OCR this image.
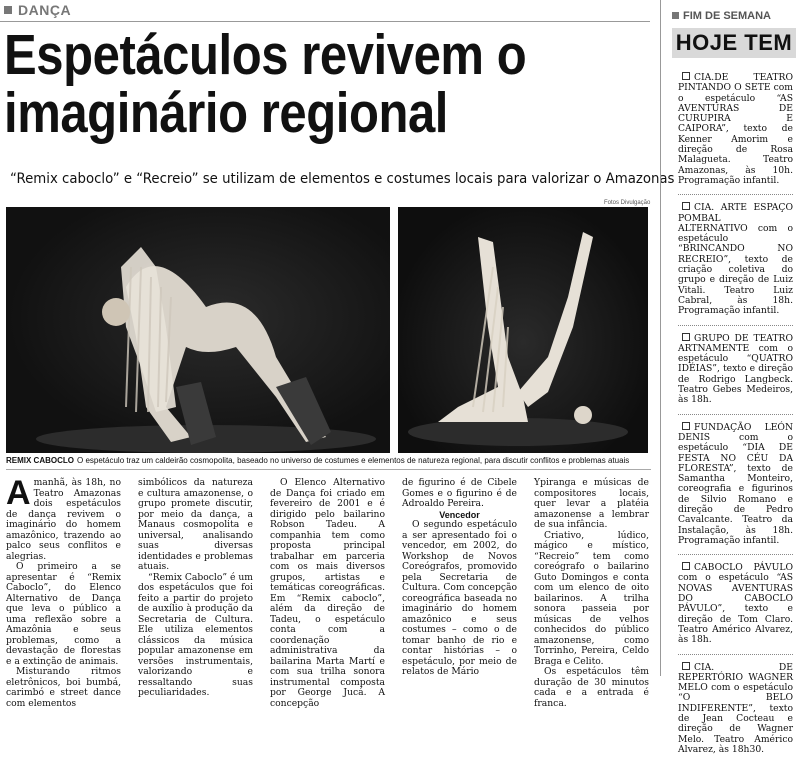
DANÇA
Espetáculos revivem o
imaginário regional
“Remix caboclo” e “Recreio” se utilizam de elementos e costumes locais para valorizar o Amazonas
Fotos Divulgação
REMIX CABOCLO O espetáculo traz um caldeirão cosmopolita, baseado no universo de costumes e elementos de natureza regional, para discutir conflitos e problemas atuais

Amanhã, às 18h, no Teatro Amazonas dois espetáculos de dança revivem o imaginário do homem amazônico, trazendo ao palco seus conflitos e alegrias.

O primeiro a se apresentar é “Remix Caboclo”, do Elenco Alternativo de Dança que leva o público a uma reflexão sobre a Amazônia e seus problemas, como a devastação de florestas e a extinção de animais.

Misturando ritmos eletrônicos, boi bumbá, carimbó e street dance com elementos

simbólicos da natureza e cultura amazonense, o grupo promete discutir, por meio da dança, a Manaus cosmopolita e universal, analisando suas diversas identidades e problemas atuais.

“Remix Caboclo” é um dos espetáculos que foi feito a partir do projeto de auxílio à produção da Secretaria de Cultura. Ele utiliza elementos clássicos da música popular amazonense em versões instrumentais, valorizando e ressaltando suas peculiaridades.

O Elenco Alternativo de Dança foi criado em fevereiro de 2001 e é dirigido pelo bailarino Robson Tadeu. A companhia tem como proposta principal trabalhar em parceria com os mais diversos grupos, artistas e temáticas coreográficas. Em “Remix caboclo”, além da direção de Tadeu, o espetáculo conta com a coordenação administrativa da bailarina Marta Martí e com sua trilha sonora instrumental composta por George Jucá. A concepção

de figurino é de Cibele Gomes e o figurino é de Adroaldo Pereira.

Vencedor

O segundo espetáculo a ser apresentado foi o vencedor, em 2002, do Workshop de Novos Coreógrafos, promovido pela Secretaria de Cultura. Com concepção coreográfica baseada no imaginário do homem amazônico e seus costumes – como o de tomar banho de rio e contar histórias – o espetáculo, por meio de relatos de Mário

Ypiranga e músicas de compositores locais, quer levar a platéia amazonense a lembrar de sua infância.

Criativo, lúdico, mágico e místico, “Recreio” tem como coreógrafo o bailarino Guto Domingos e conta com um elenco de oito bailarinos. A trilha sonora passeia por músicas de velhos conhecidos do público amazonense, como Torrinho, Pereira, Celdo Braga e Celito.

Os espetáculos têm duração de 30 minutos cada e a entrada é franca.

FIM DE SEMANA
HOJE TEM
CIA.DE TEATRO PINTANDO O SETE com o espetáculo “AS AVENTURAS DE CURUPIRA E CAIPORA”, texto de Kenner Amorim e direção de Rosa Malagueta. Teatro Amazonas, às 10h. Programação infantil.
CIA. ARTE ESPAÇO POMBAL ALTERNATIVO com o espetáculo “BRINCANDO NO RECREIO”, texto de criação coletiva do grupo e direção de Luiz Vitali. Teatro Luiz Cabral, às 18h. Programação infantil.
GRUPO DE TEATRO ARTNAMENTE com o espetáculo “QUATRO IDÉIAS”, texto e direção de Rodrigo Langbeck. Teatro Gebes Medeiros, às 18h.
FUNDAÇÃO LEÓN DENIS com o espetáculo “DIA DE FESTA NO CÉU DA FLORESTA”, texto de Samantha Monteiro, coreografia e figurinos de Silvio Romano e direção de Pedro Cavalcante. Teatro da Instalação, às 18h. Programação infantil.
CABOCLO PÁVULO com o espetáculo “AS NOVAS AVENTURAS DO CABOCLO PÁVULO”, texto e direção de Tom Claro. Teatro Américo Alvarez, às 18h.
CIA. DE REPERTÓRIO WAGNER MELO com o espetáculo “O BELO INDIFERENTE”, texto de Jean Cocteau e direção de Wagner Melo. Teatro Américo Alvarez, às 18h30.
